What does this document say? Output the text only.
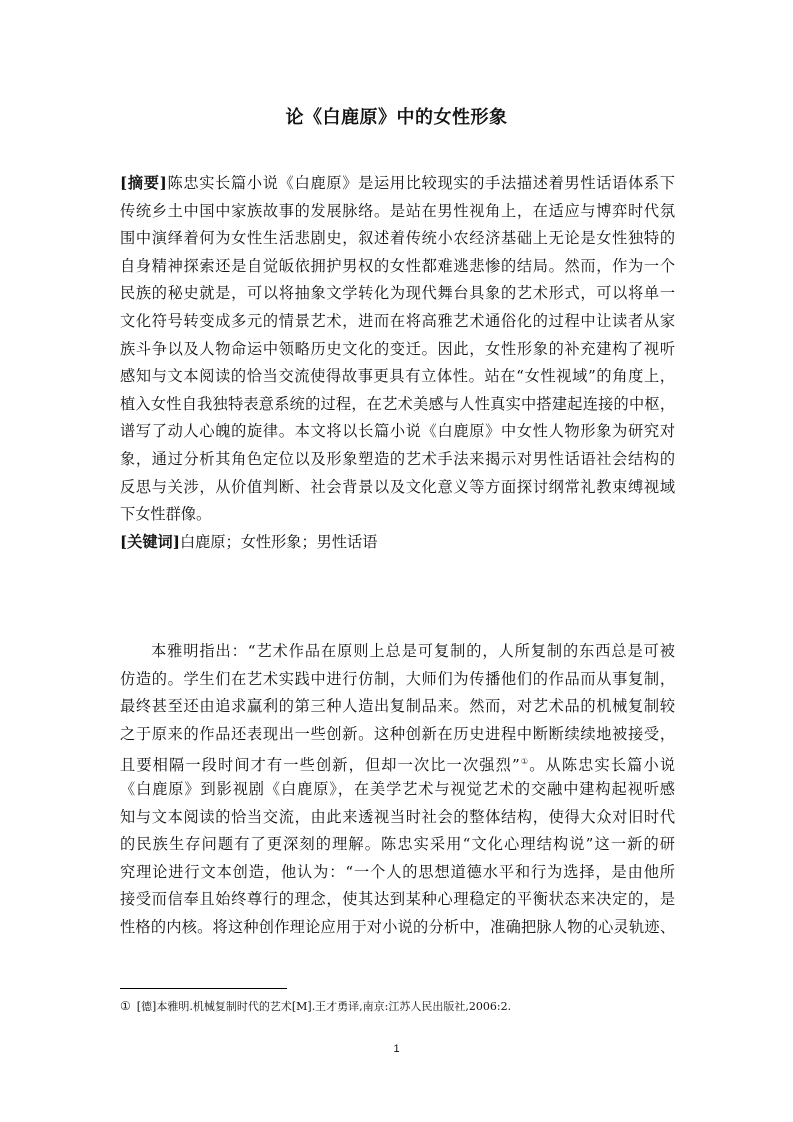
论《白鹿原》中的女性形象
[摘要]陈忠实长篇小说《白鹿原》是运用比较现实的手法描述着男性话语体系下
传统乡土中国中家族故事的发展脉络。是站在男性视角上，在适应与博弈时代氛
围中演绎着何为女性生活悲剧史，叙述着传统小农经济基础上无论是女性独特的
自身精神探索还是自觉皈依拥护男权的女性都难逃悲惨的结局。然而，作为一个
民族的秘史就是，可以将抽象文学转化为现代舞台具象的艺术形式，可以将单一
文化符号转变成多元的情景艺术，进而在将高雅艺术通俗化的过程中让读者从家
族斗争以及人物命运中领略历史文化的变迁。因此，女性形象的补充建构了视听
感知与文本阅读的恰当交流使得故事更具有立体性。站在“女性视域”的角度上，
植入女性自我独特表意系统的过程，在艺术美感与人性真实中搭建起连接的中枢，
谱写了动人心魄的旋律。本文将以长篇小说《白鹿原》中女性人物形象为研究对
象，通过分析其角色定位以及形象塑造的艺术手法来揭示对男性话语社会结构的
反思与关涉，从价值判断、社会背景以及文化意义等方面探讨纲常礼教束缚视域
下女性群像。
[关键词]白鹿原；女性形象；男性话语
本雅明指出：“艺术作品在原则上总是可复制的，人所复制的东西总是可被
仿造的。学生们在艺术实践中进行仿制，大师们为传播他们的作品而从事复制，
最终甚至还由追求赢利的第三种人造出复制品来。然而，对艺术品的机械复制较
之于原来的作品还表现出一些创新。这种创新在历史进程中断断续续地被接受，
且要相隔一段时间才有一些创新，但却一次比一次强烈”①。从陈忠实长篇小说
《白鹿原》到影视剧《白鹿原》，在美学艺术与视觉艺术的交融中建构起视听感
知与文本阅读的恰当交流，由此来透视当时社会的整体结构，使得大众对旧时代
的民族生存问题有了更深刻的理解。陈忠实采用“文化心理结构说”这一新的研
究理论进行文本创造，他认为：“一个人的思想道德水平和行为选择，是由他所
接受而信奉且始终尊行的理念，使其达到某种心理稳定的平衡状态来决定的，是
性格的内核。将这种创作理论应用于对小说的分析中，准确把脉人物的心灵轨迹、
① [德]本雅明.机械复制时代的艺术[M].王才勇译,南京:江苏人民出版社,2006:2.
1
